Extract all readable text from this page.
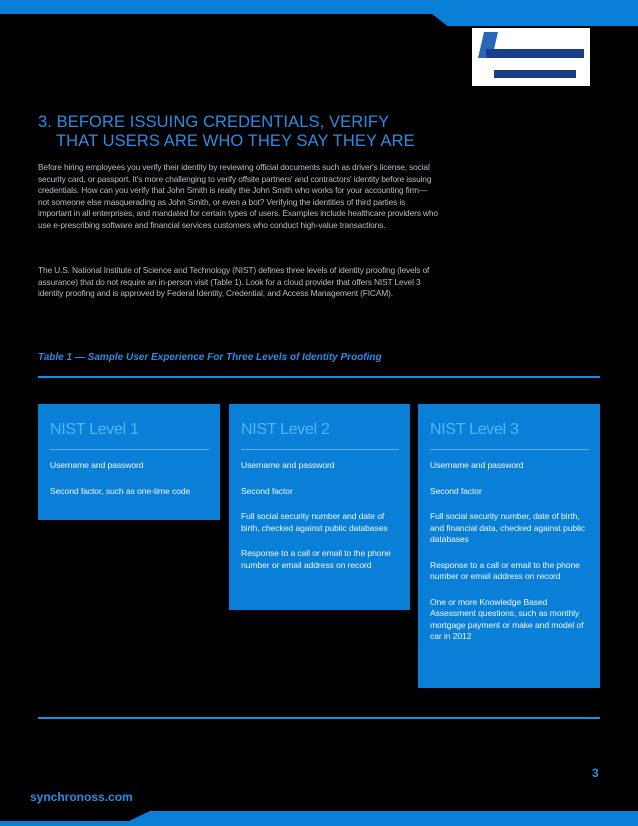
3. BEFORE ISSUING CREDENTIALS, VERIFY
THAT USERS ARE WHO THEY SAY THEY ARE
Before hiring employees you verify their identity by reviewing official documents such as driver's license, social security card, or passport. It's more challenging to verify offsite partners' and contractors' identity before issuing credentials. How can you verify that John Smith is really the John Smith who works for your accounting firm—not someone else masquerading as John Smith, or even a bot? Verifying the identities of third parties is important in all enterprises, and mandated for certain types of users. Examples include healthcare providers who use e-prescribing software and financial services customers who conduct high-value transactions.
The U.S. National Institute of Science and Technology (NIST) defines three levels of identity proofing (levels of assurance) that do not require an in-person visit (Table 1). Look for a cloud provider that offers NIST Level 3 identity proofing and is approved by Federal Identity, Credential, and Access Management (FICAM).
Table 1 — Sample User Experience For Three Levels of Identity Proofing
NIST Level 1
Username and password
Second factor, such as one-time code
NIST Level 2
Username and password
Second factor
Full social security number and date of birth, checked against public databases
Response to a call or email to the phone number or email address on record
NIST Level 3
Username and password
Second factor
Full social security number, date of birth, and financial data, checked against public databases
Response to a call or email to the phone number or email address on record
One or more Knowledge Based Assessment questions, such as monthly mortgage payment or make and model of car in 2012
3
synchronoss.com
